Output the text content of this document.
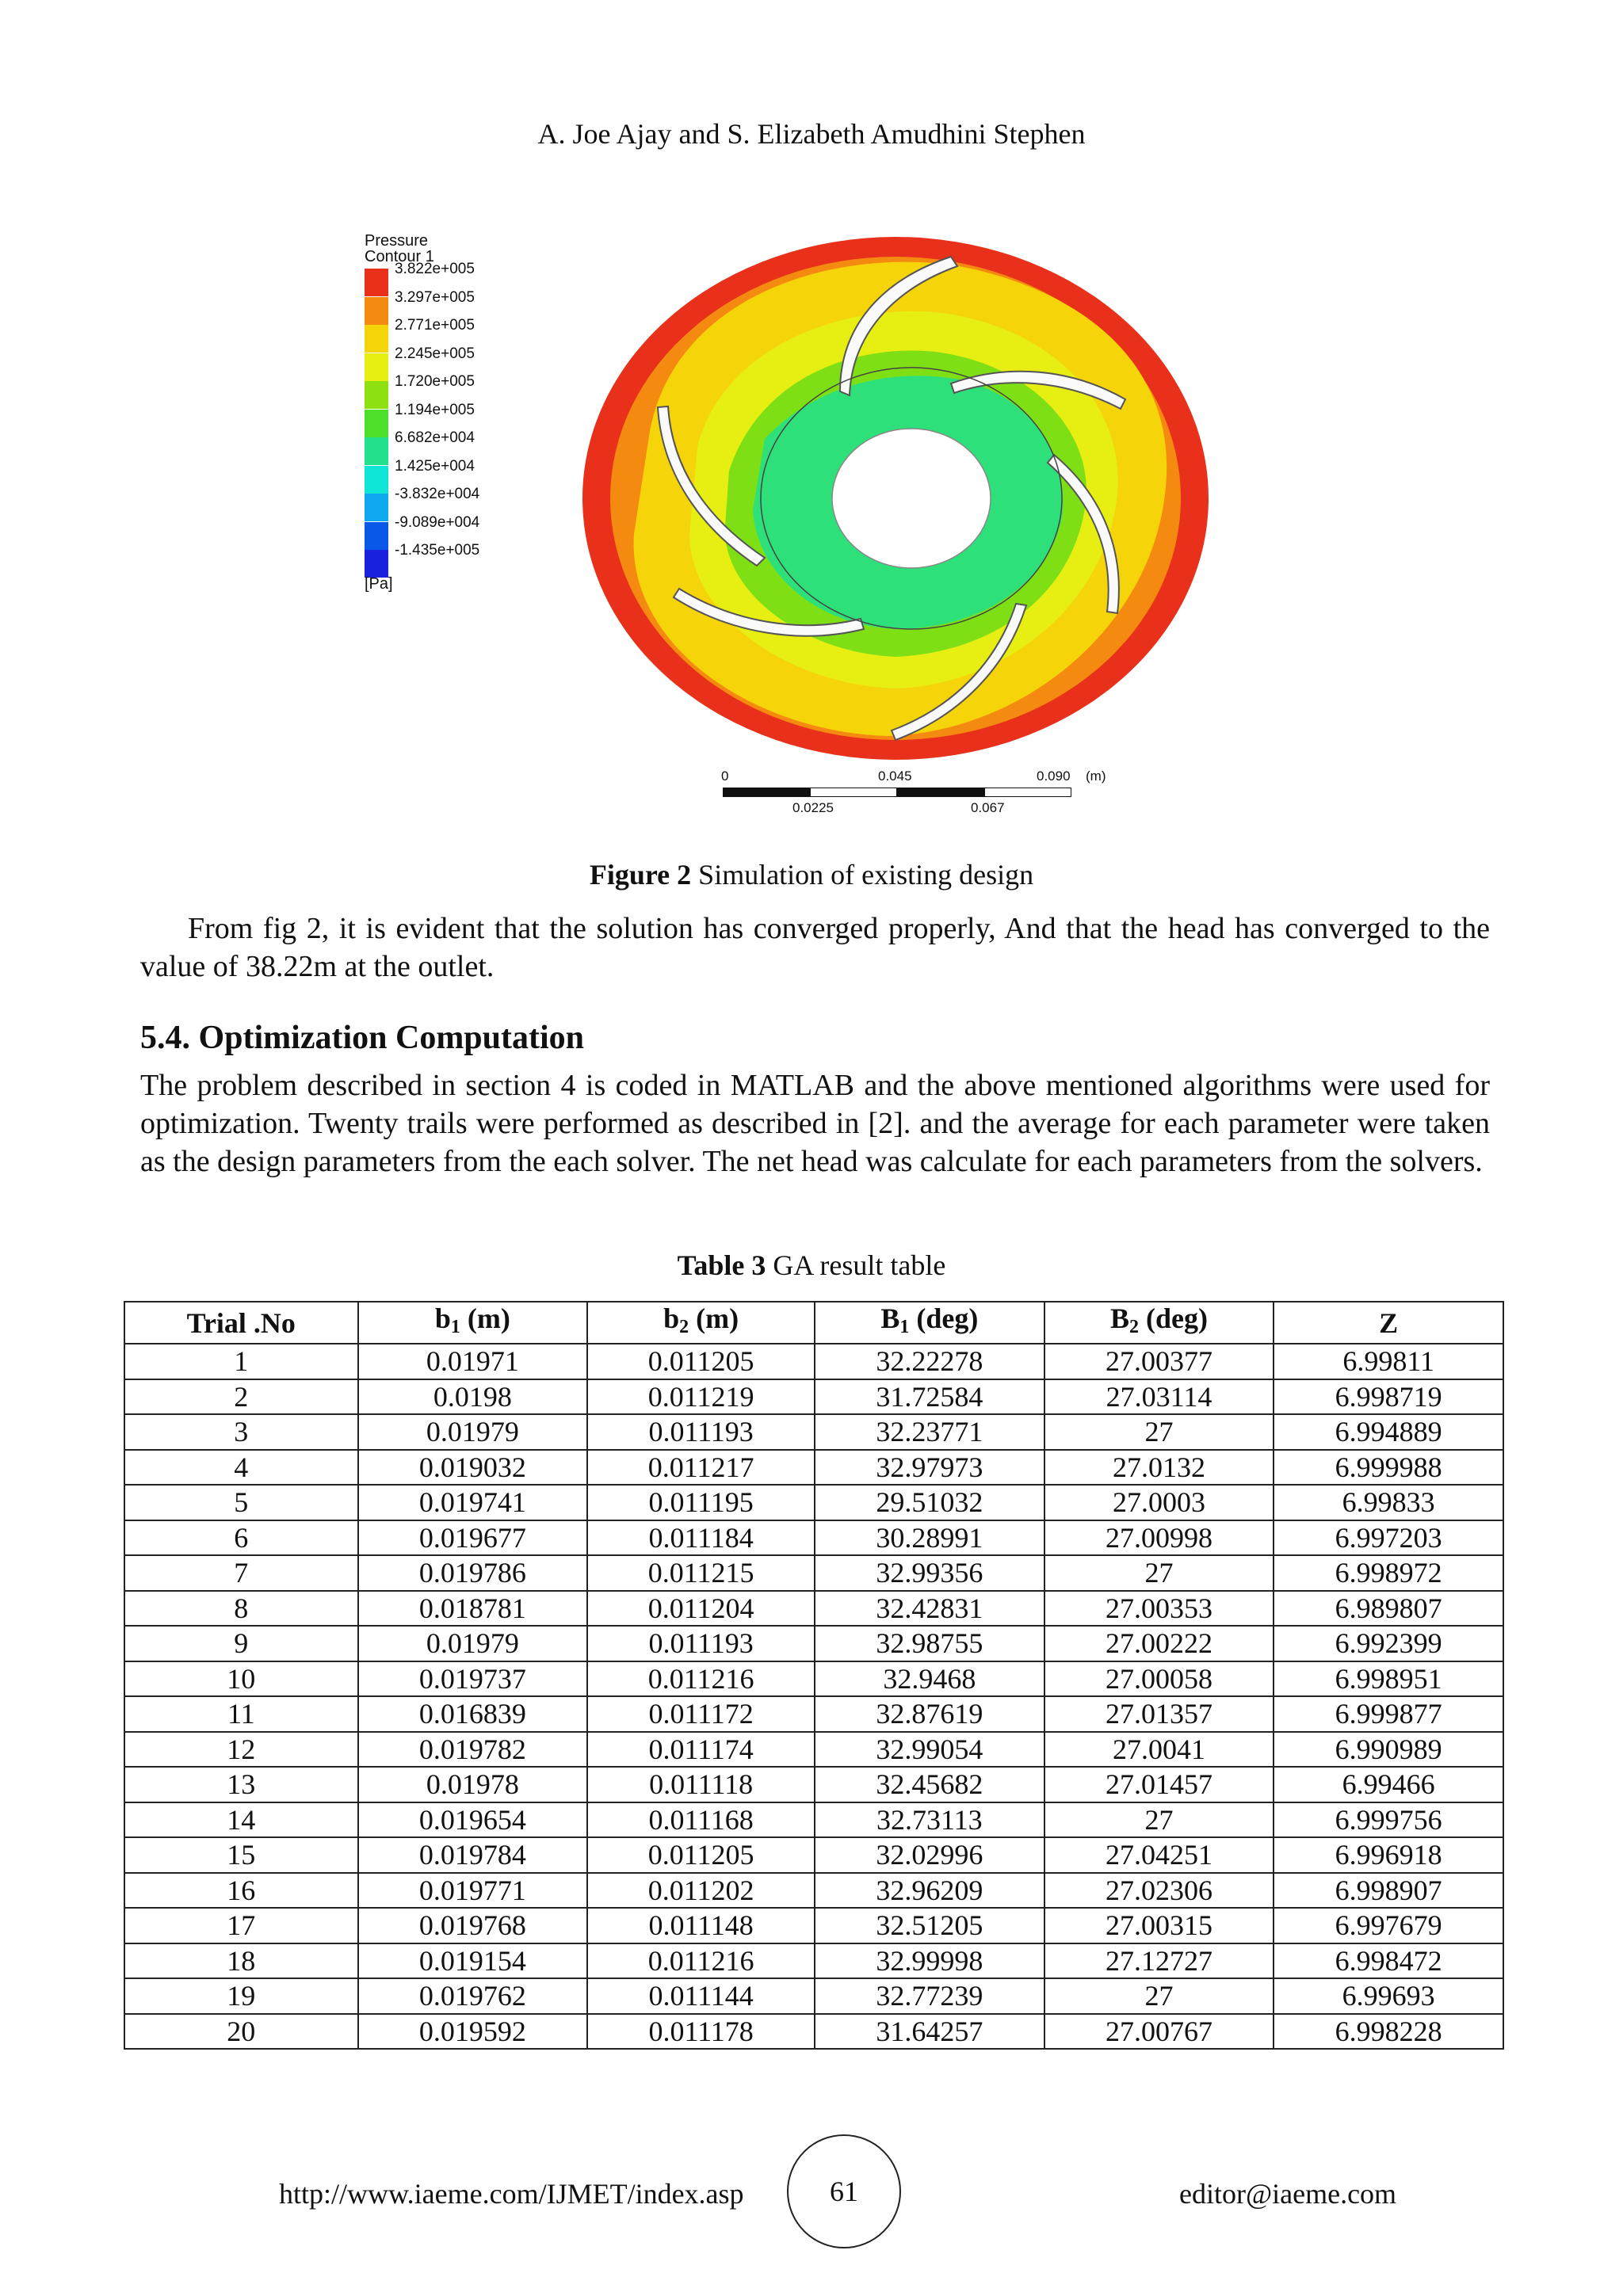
A. Joe Ajay and S. Elizabeth Amudhini Stephen
Pressure
Contour 1
3.822e+005
3.297e+005
2.771e+005
2.245e+005
1.720e+005
1.194e+005
6.682e+004
1.425e+004
-3.832e+004
-9.089e+004
-1.435e+005
[Pa]
0	0.045	0.090 (m)
0.0225	0.067
Figure 2 Simulation of existing design
From fig 2, it is evident that the solution has converged properly, And that the head has converged to the value of 38.22m at the outlet.
5.4. Optimization Computation
The problem described in section 4 is coded in MATLAB and the above mentioned algorithms were used for optimization. Twenty trails were performed as described in [2]. and the average for each parameter were taken as the design parameters from the each solver. The net head was calculate for each parameters from the solvers.
Table 3 GA result table
Trial .No	$b_1$ (m)	$b_2$ (m)	$B_1$ (deg)	$B_2$ (deg)	Z
1	0.01971	0.011205	32.22278	27.00377	6.99811
2	0.0198	0.011219	31.72584	27.03114	6.998719
3	0.01979	0.011193	32.23771	27	6.994889
4	0.019032	0.011217	32.97973	27.0132	6.999988
5	0.019741	0.011195	29.51032	27.0003	6.99833
6	0.019677	0.011184	30.28991	27.00998	6.997203
7	0.019786	0.011215	32.99356	27	6.998972
8	0.018781	0.011204	32.42831	27.00353	6.989807
9	0.01979	0.011193	32.98755	27.00222	6.992399
10	0.019737	0.011216	32.9468	27.00058	6.998951
11	0.016839	0.011172	32.87619	27.01357	6.999877
12	0.019782	0.011174	32.99054	27.0041	6.990989
13	0.01978	0.011118	32.45682	27.01457	6.99466
14	0.019654	0.011168	32.73113	27	6.999756
15	0.019784	0.011205	32.02996	27.04251	6.996918
16	0.019771	0.011202	32.96209	27.02306	6.998907
17	0.019768	0.011148	32.51205	27.00315	6.997679
18	0.019154	0.011216	32.99998	27.12727	6.998472
19	0.019762	0.011144	32.77239	27	6.99693
20	0.019592	0.011178	31.64257	27.00767	6.998228
http://www.iaeme.com/IJMET/index.asp	61	editor@iaeme.com
